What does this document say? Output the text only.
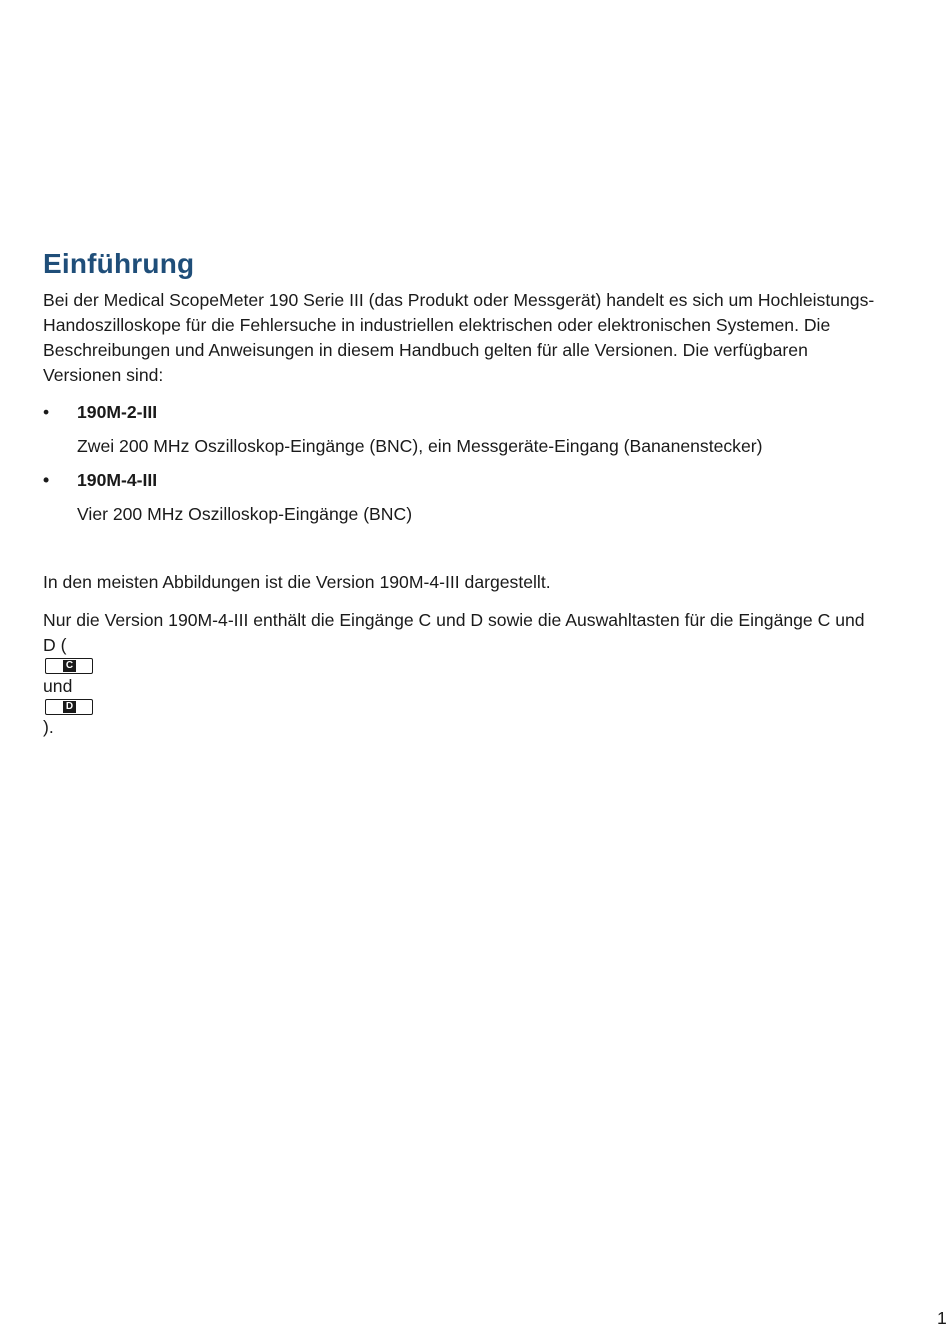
Einführung

Bei der Medical ScopeMeter 190 Serie III (das Produkt oder Messgerät) handelt es sich um Hochleistungs-
Handoszilloskope für die Fehlersuche in industriellen elektrischen oder elektronischen Systemen. Die
Beschreibungen und Anweisungen in diesem Handbuch gelten für alle Versionen. Die verfügbaren
Versionen sind:

•	190M-2-III
Zwei 200 MHz Oszilloskop-Eingänge (BNC), ein Messgeräte-Eingang (Bananenstecker)
•	190M-4-III
Vier 200 MHz Oszilloskop-Eingänge (BNC)

In den meisten Abbildungen ist die Version 190M-4-III dargestellt.

Nur die Version 190M-4-III enthält die Eingänge C und D sowie die Auswahltasten für die Eingänge C und
D (
C
und
D
).

1
